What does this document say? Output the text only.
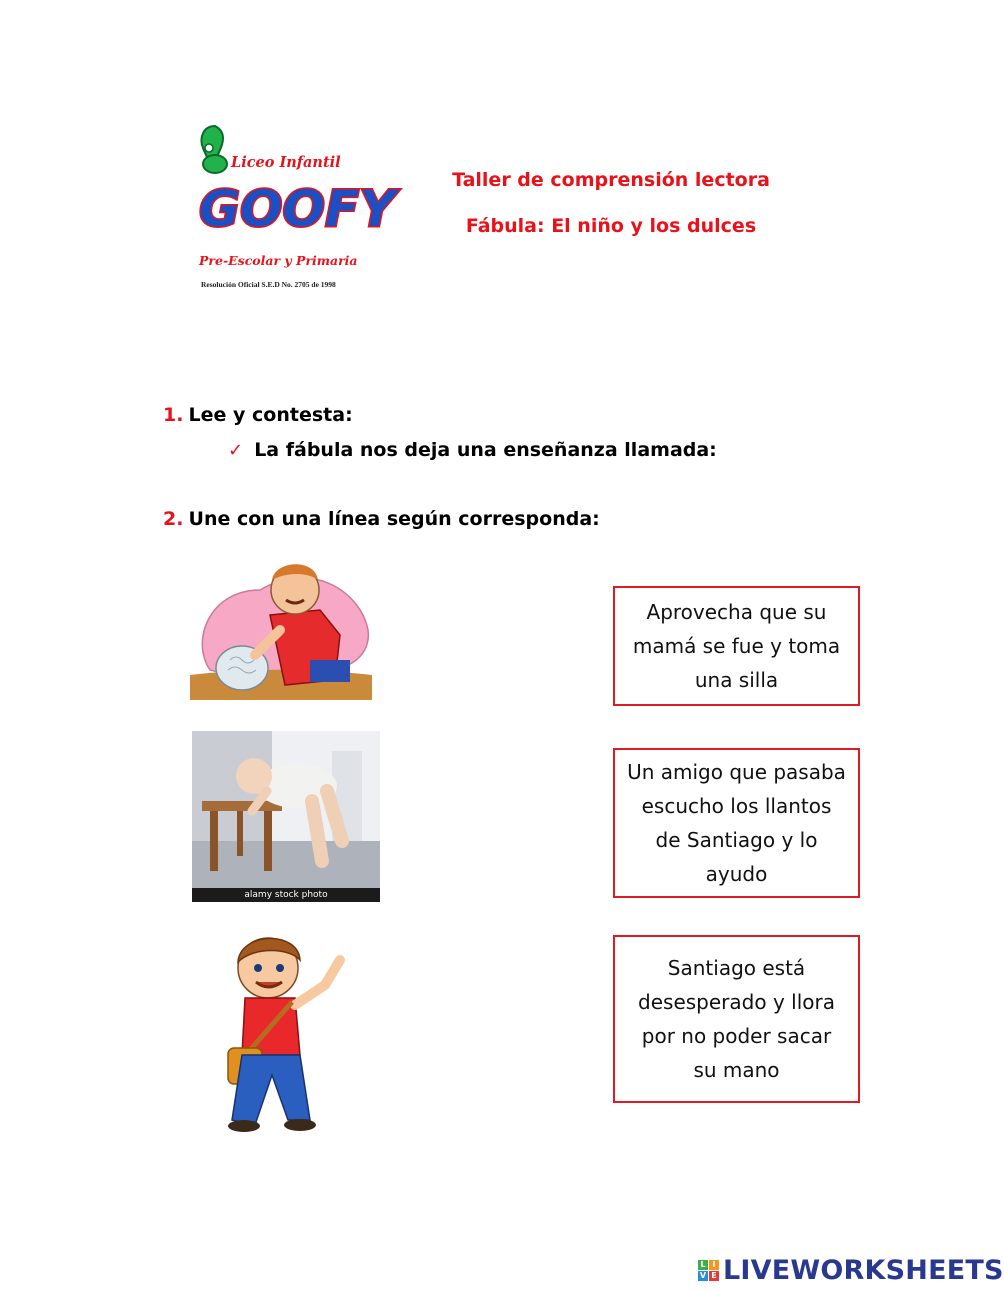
GOOFY
Liceo Infantil
Pre-Escolar y Primaria
Resolución Oficial S.E.D No. 2705 de 1998
Taller de comprensión lectora
Fábula: El niño y los dulces
1. Lee y contesta:
✓ La fábula nos deja una enseñanza llamada:
2. Une con una línea según corresponda:
alamy stock photo
Aprovecha que su
mamá se fue y toma
una silla
Un amigo que pasaba
escucho los llantos
de Santiago y lo
ayudo
Santiago está
desesperado y llora
por no poder sacar
su mano
L I
V E LIVEWORKSHEETS
